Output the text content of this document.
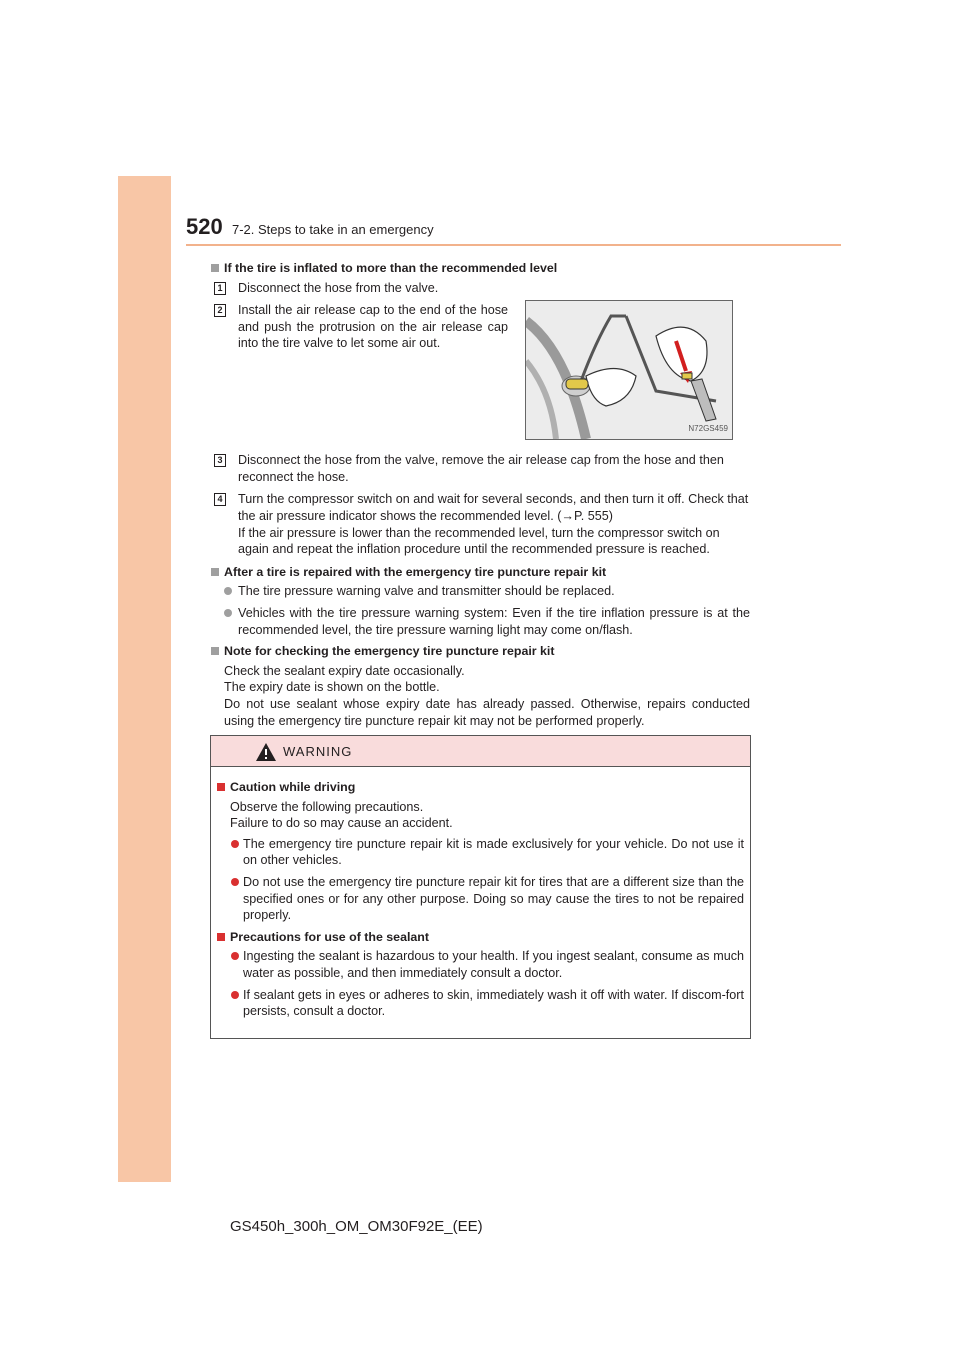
520 7-2. Steps to take in an emergency
If the tire is inflated to more than the recommended level
1 Disconnect the hose from the valve.
2 Install the air release cap to the end of the hose and push the protrusion on the air release cap into the tire valve to let some air out.
N72GS459
3 Disconnect the hose from the valve, remove the air release cap from the hose and then reconnect the hose.
4 Turn the compressor switch on and wait for several seconds, and then turn it off. Check that the air pressure indicator shows the recommended level. (→P. 555)
If the air pressure is lower than the recommended level, turn the compressor switch on again and repeat the inflation procedure until the recommended pressure is reached.
After a tire is repaired with the emergency tire puncture repair kit
The tire pressure warning valve and transmitter should be replaced.
Vehicles with the tire pressure warning system: Even if the tire inflation pressure is at the recommended level, the tire pressure warning light may come on/flash.
Note for checking the emergency tire puncture repair kit
Check the sealant expiry date occasionally.
The expiry date is shown on the bottle.
Do not use sealant whose expiry date has already passed. Otherwise, repairs conducted using the emergency tire puncture repair kit may not be performed properly.
WARNING
Caution while driving
Observe the following precautions.
Failure to do so may cause an accident.
The emergency tire puncture repair kit is made exclusively for your vehicle. Do not use it on other vehicles.
Do not use the emergency tire puncture repair kit for tires that are a different size than the specified ones or for any other purpose. Doing so may cause the tires to not be repaired properly.
Precautions for use of the sealant
Ingesting the sealant is hazardous to your health. If you ingest sealant, consume as much water as possible, and then immediately consult a doctor.
If sealant gets in eyes or adheres to skin, immediately wash it off with water. If discom-fort persists, consult a doctor.
GS450h_300h_OM_OM30F92E_(EE)
